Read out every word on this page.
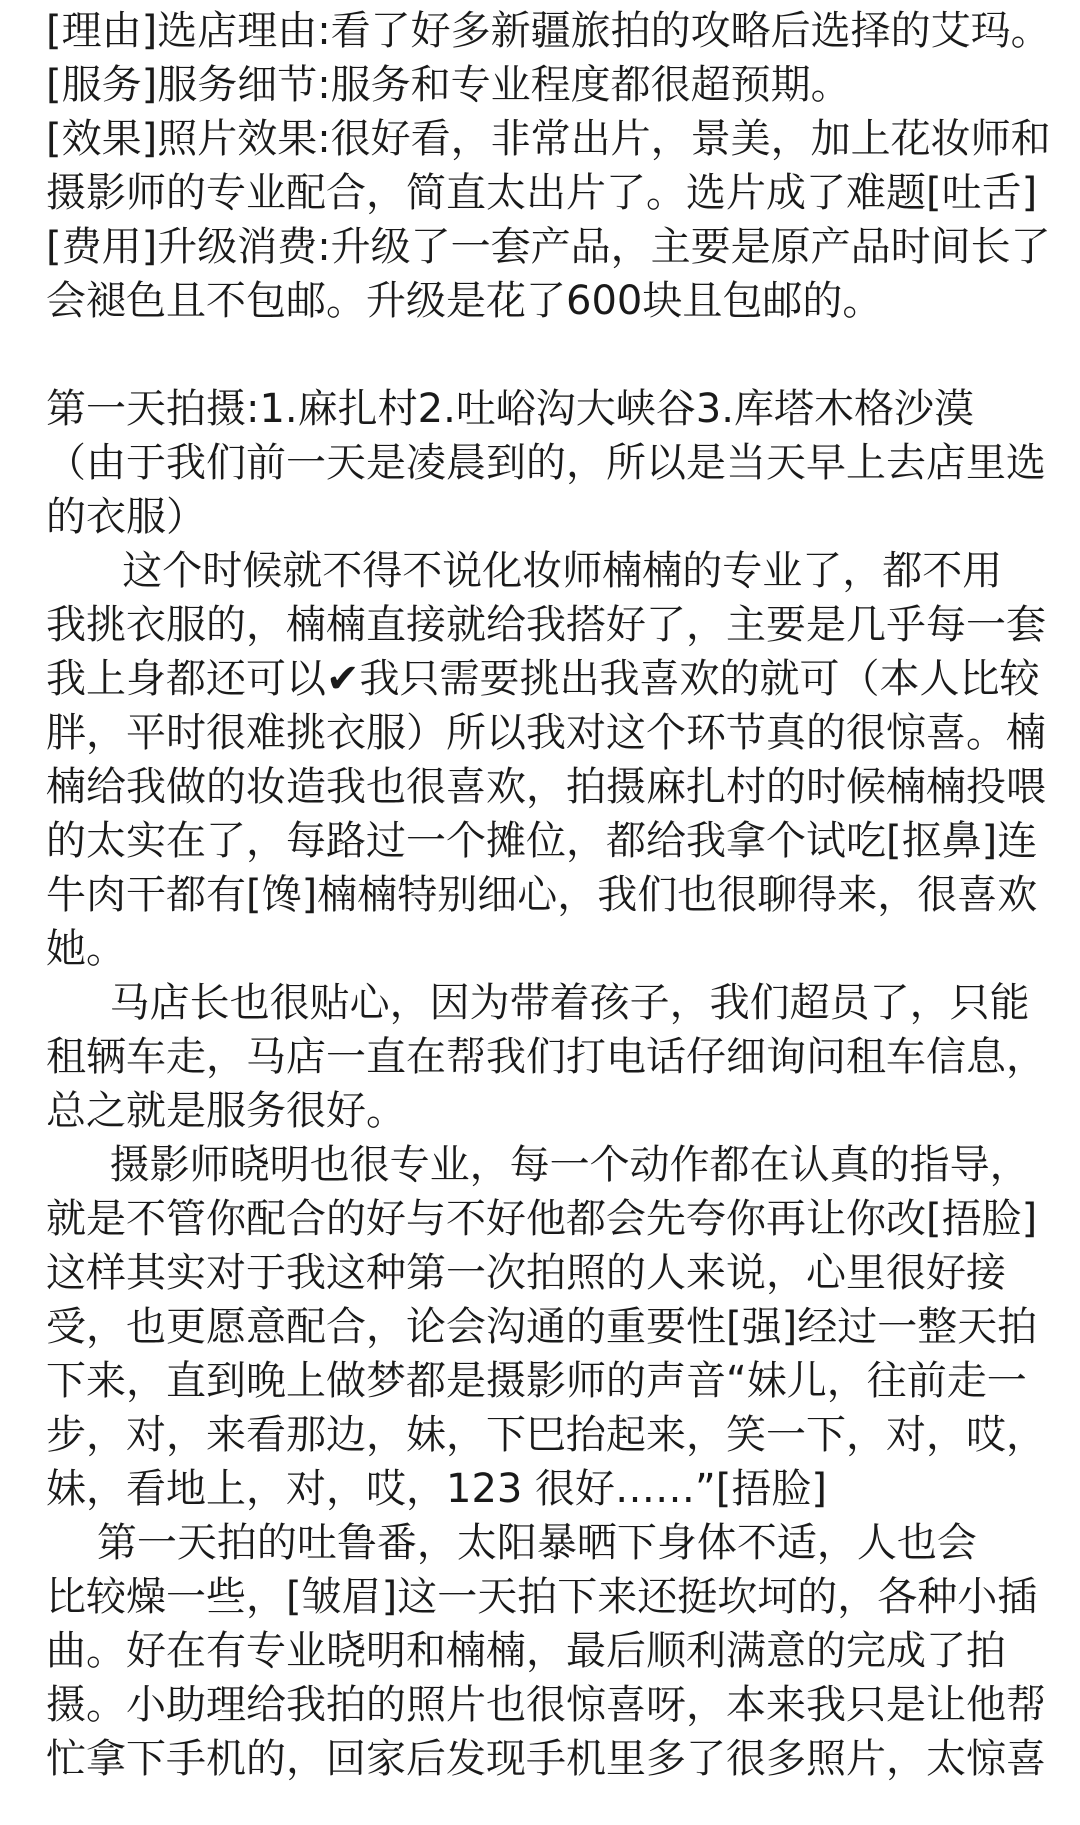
[理由]选店理由:看了好多新疆旅拍的攻略后选择的艾玛。
[服务]服务细节:服务和专业程度都很超预期。
[效果]照片效果:很好看，非常出片，景美，加上花妆师和
摄影师的专业配合，简直太出片了。选片成了难题[吐舌]
[费用]升级消费:升级了一套产品，主要是原产品时间长了
会褪色且不包邮。升级是花了600块且包邮的。
第一天拍摄:1.麻扎村2.吐峪沟大峡谷3.库塔木格沙漠
（由于我们前一天是凌晨到的，所以是当天早上去店里选
的衣服）
这个时候就不得不说化妆师楠楠的专业了，都不用
我挑衣服的，楠楠直接就给我搭好了，主要是几乎每一套
我上身都还可以✔我只需要挑出我喜欢的就可（本人比较
胖，平时很难挑衣服）所以我对这个环节真的很惊喜。楠
楠给我做的妆造我也很喜欢，拍摄麻扎村的时候楠楠投喂
的太实在了，每路过一个摊位，都给我拿个试吃[抠鼻]连
牛肉干都有[馋]楠楠特别细心，我们也很聊得来，很喜欢
她。
马店长也很贴心，因为带着孩子，我们超员了，只能
租辆车走，马店一直在帮我们打电话仔细询问租车信息，
总之就是服务很好。
摄影师晓明也很专业，每一个动作都在认真的指导，
就是不管你配合的好与不好他都会先夸你再让你改[捂脸]
这样其实对于我这种第一次拍照的人来说，心里很好接
受，也更愿意配合，论会沟通的重要性[强]经过一整天拍
下来，直到晚上做梦都是摄影师的声音“妹儿，往前走一
步，对，来看那边，妹，下巴抬起来，笑一下，对，哎，
妹，看地上，对，哎，123 很好……”[捂脸]
第一天拍的吐鲁番，太阳暴晒下身体不适，人也会
比较燥一些，[皱眉]这一天拍下来还挺坎坷的，各种小插
曲。好在有专业晓明和楠楠，最后顺利满意的完成了拍
摄。小助理给我拍的照片也很惊喜呀，本来我只是让他帮
忙拿下手机的，回家后发现手机里多了很多照片，太惊喜
